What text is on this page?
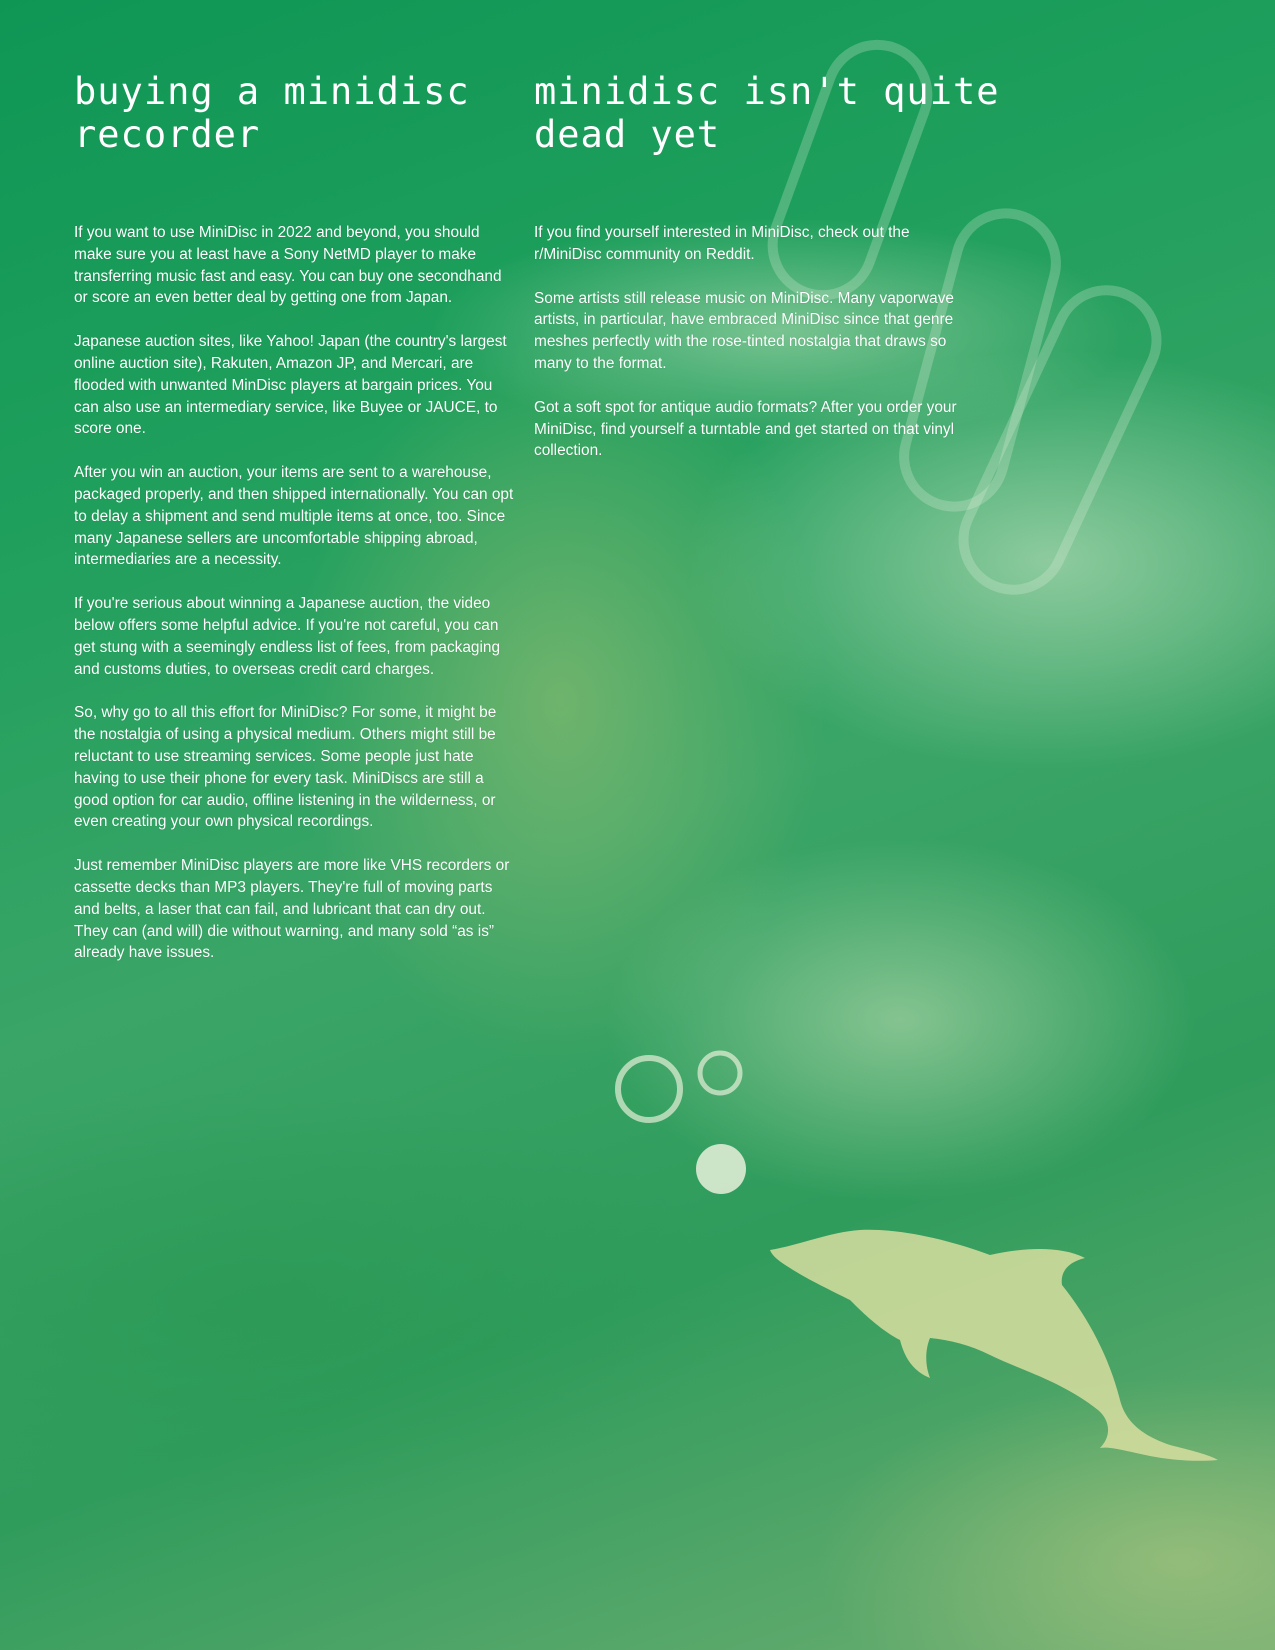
buying a minidisc recorder

If you want to use MiniDisc in 2022 and beyond, you should make sure you at least have a Sony NetMD player to make transferring music fast and easy. You can buy one secondhand or score an even better deal by getting one from Japan.

Japanese auction sites, like Yahoo! Japan (the country's largest online auction site), Rakuten, Amazon JP, and Mercari, are flooded with unwanted MinDisc players at bargain prices. You can also use an intermediary service, like Buyee or JAUCE, to score one.

After you win an auction, your items are sent to a warehouse, packaged properly, and then shipped internationally. You can opt to delay a shipment and send multiple items at once, too. Since many Japanese sellers are uncomfortable shipping abroad, intermediaries are a necessity.

If you're serious about winning a Japanese auction, the video below offers some helpful advice. If you're not careful, you can get stung with a seemingly endless list of fees, from packaging and customs duties, to overseas credit card charges.

So, why go to all this effort for MiniDisc? For some, it might be the nostalgia of using a physical medium. Others might still be reluctant to use streaming services. Some people just hate having to use their phone for every task. MiniDiscs are still a good option for car audio, offline listening in the wilderness, or even creating your own physical recordings.

Just remember MiniDisc players are more like VHS recorders or cassette decks than MP3 players. They're full of moving parts and belts, a laser that can fail, and lubricant that can dry out. They can (and will) die without warning, and many sold “as is” already have issues.

minidisc isn't quite dead yet

If you find yourself interested in MiniDisc, check out the r/MiniDisc community on Reddit.

Some artists still release music on MiniDisc. Many vaporwave artists, in particular, have embraced MiniDisc since that genre meshes perfectly with the rose-tinted nostalgia that draws so many to the format.

Got a soft spot for antique audio formats? After you order your MiniDisc, find yourself a turntable and get started on that vinyl collection.
